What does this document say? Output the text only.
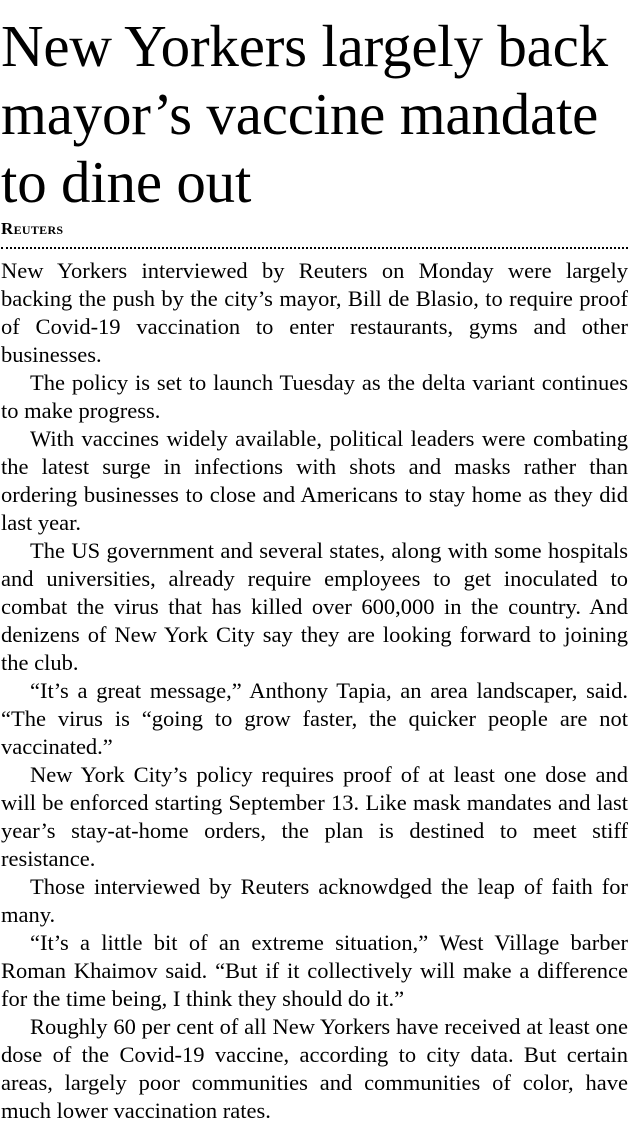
New Yorkers largely back mayor’s vaccine mandate to dine out
Reuters

New Yorkers interviewed by Reuters on Monday were largely backing the push by the city’s mayor, Bill de Blasio, to require proof of Covid-19 vaccination to enter restaurants, gyms and other businesses.

The policy is set to launch Tuesday as the delta variant continues to make progress.

With vaccines widely available, political leaders were combating the latest surge in infections with shots and masks rather than ordering businesses to close and Americans to stay home as they did last year.

The US government and several states, along with some hospitals and universities, already require employees to get inoculated to combat the virus that has killed over 600,000 in the country. And denizens of New York City say they are looking forward to joining the club.

“It’s a great message,” Anthony Tapia, an area landscaper, said. “The virus is “going to grow faster, the quicker people are not vaccinated.”

New York City’s policy requires proof of at least one dose and will be enforced starting September 13. Like mask mandates and last year’s stay-at-home orders, the plan is destined to meet stiff resistance.

Those interviewed by Reuters acknowdged the leap of faith for many.

“It’s a little bit of an extreme situation,” West Village barber Roman Khaimov said. “But if it collectively will make a difference for the time being, I think they should do it.”

Roughly 60 per cent of all New Yorkers have received at least one dose of the Covid-19 vaccine, according to city data. But certain areas, largely poor communities and communities of color, have much lower vaccination rates.
